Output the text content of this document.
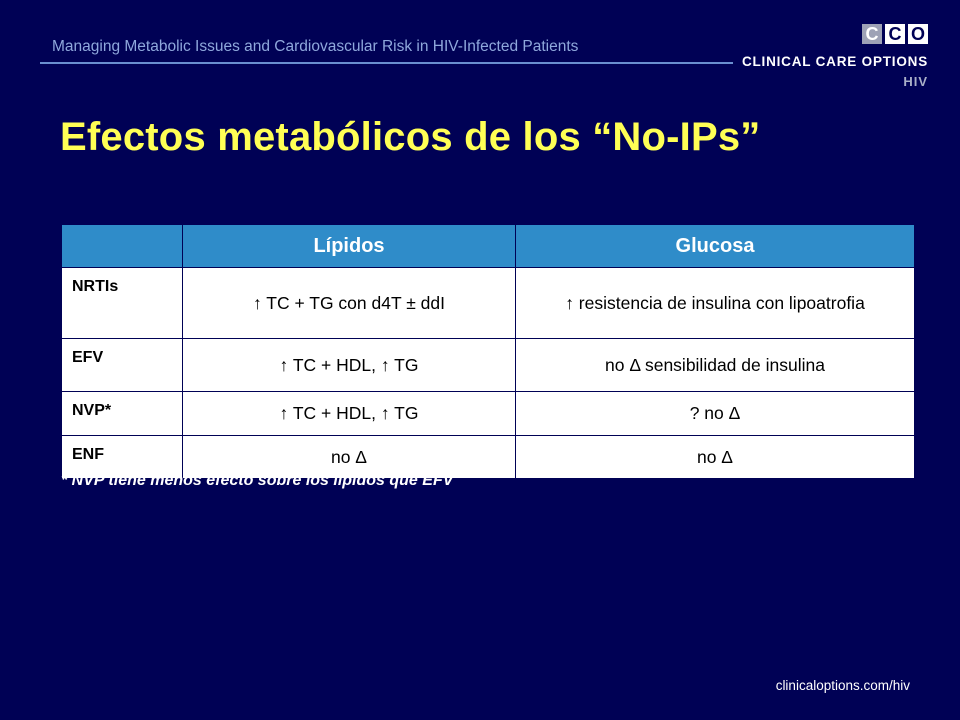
Managing Metabolic Issues and Cardiovascular Risk in HIV-Infected Patients
C C O
CLINICAL CARE OPTIONS
HIV
Efectos metabólicos de los “No-IPs”
	Lípidos	Glucosa
NRTIs	↑ TC + TG con d4T ± ddI	↑ resistencia de insulina con lipoatrofia
EFV	↑ TC + HDL, ↑ TG	no Δ sensibilidad de insulina
NVP*	↑ TC + HDL, ↑ TG	? no Δ
ENF	no Δ	no Δ
* NVP tiene menos efecto sobre los lípidos que EFV
clinicaloptions.com/hiv
